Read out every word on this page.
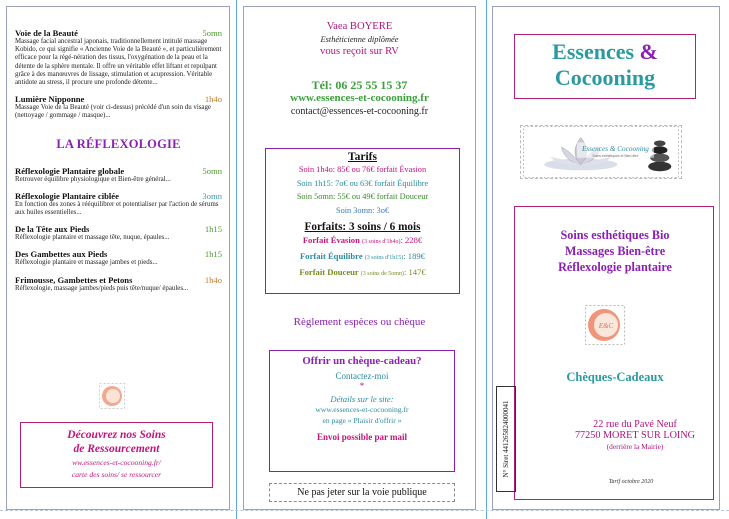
Voie de la Beauté	5omn
Massage facial ancestral japonais, traditionnellement intitulé massage Kobido, ce qui signifie « Ancienne Voie de la Beauté », et particulièrement efficace pour la régé-nération des tissus, l'oxygénation de la peau et la détente de la sphère mentale. Il offre un véritable effet liftant et repulpant grâce à des manœuvres de lissage, stimulation et acupression. Véritable antidote au stress, il procure une profonde détente...
Lumière Nipponne	1h4o
Massage Voie de la Beauté (voir ci-dessus) précédé d'un soin du visage (nettoyage / gommage / masque)...
LA RÉFLEXOLOGIE
Réflexologie Plantaire globale	5omn
Retrouver équilibre physiologique et Bien-être général...
Réflexologie Plantaire ciblée	3omn
En fonction des zones à rééquilibrer et potentialiser par l'action de sérums aux huiles essentielles...
De la Tête aux Pieds	1h15
Réflexologie plantaire et massage tête, nuque, épaules...
Des Gambettes aux Pieds	1h15
Réflexologie plantaire et massage jambes et pieds...
Frimousse, Gambettes et Petons	1h4o
Réflexologie, massage jambes/pieds puis tête/nuque/ épaules...
Découvrez nos Soins
de Ressourcement
ww.essences-et-cocooning.fr/
carte des soins/ se ressourcer
Vaea BOYERE
Esthéticienne diplômée
vous reçoit sur RV
Tél: 06 25 55 15 37
www.essences-et-cocooning.fr
contact@essences-et-cocooning.fr
Tarifs
Soin 1h4o: 85€ ou 76€ forfait Évasion
Soin 1h15: 7o€ ou 63€ forfait Équilibre
Soin 5omn: 55€ ou 49€ forfait Douceur
Soin 3omn: 3o€
Forfaits: 3 soins / 6 mois
Forfait Évasion (3 soins d'1h4o): 228€
Forfait Équilibre (3 soins d'1h15): 189€
Forfait Douceur (3 soins de 5omn): 147€
Règlement espèces ou chèque
Offrir un chèque-cadeau?
Contactez-moi
*
Détails sur le site:
www.essences-et-cocooning.fr
en page « Plaisir d'offrir »
Envoi possible par mail
Ne pas jeter sur la voie publique
Essences &
Cocooning
Essences & Cocooning
Soins esthétiques et Bien-être
Soins esthétiques Bio
Massages Bien-être
Réflexologie plantaire
E&C
Chèques-Cadeaux
22 rue du Pavé Neuf
77250 MORET SUR LOING
(derrière la Mairie)
Tarif octobre 2020
N° Siret 441265824000041
